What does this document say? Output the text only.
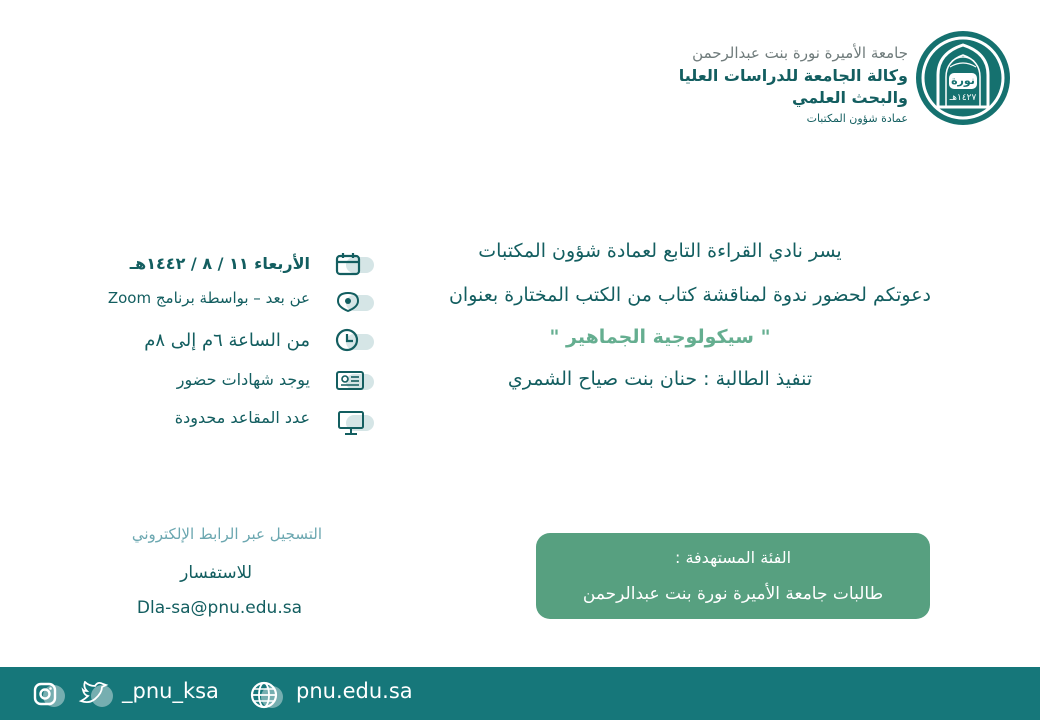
نورة
١٤٢٧هـ
جامعة الأميرة نورة بنت عبدالرحمن
وكالة الجامعة للدراسات العليا
والبحث العلمي
عمادة شؤون المكتبات
يسر نادي القراءة التابع لعمادة شؤون المكتبات
دعوتكم لحضور ندوة لمناقشة كتاب من الكتب المختارة بعنوان
" سيكولوجية الجماهير "
تنفيذ الطالبة : حنان بنت صياح الشمري
الأربعاء ١١ / ٨ / ١٤٤٢هـ
عن بعد – بواسطة برنامج Zoom
من الساعة ٦م إلى ٨م
يوجد شهادات حضور
عدد المقاعد محدودة
التسجيل عبر الرابط الإلكتروني
للاستفسار
Dla-sa@pnu.edu.sa
الفئة المستهدفة :
طالبات جامعة الأميرة نورة بنت عبدالرحمن
_pnu_ksa	pnu.edu.sa
